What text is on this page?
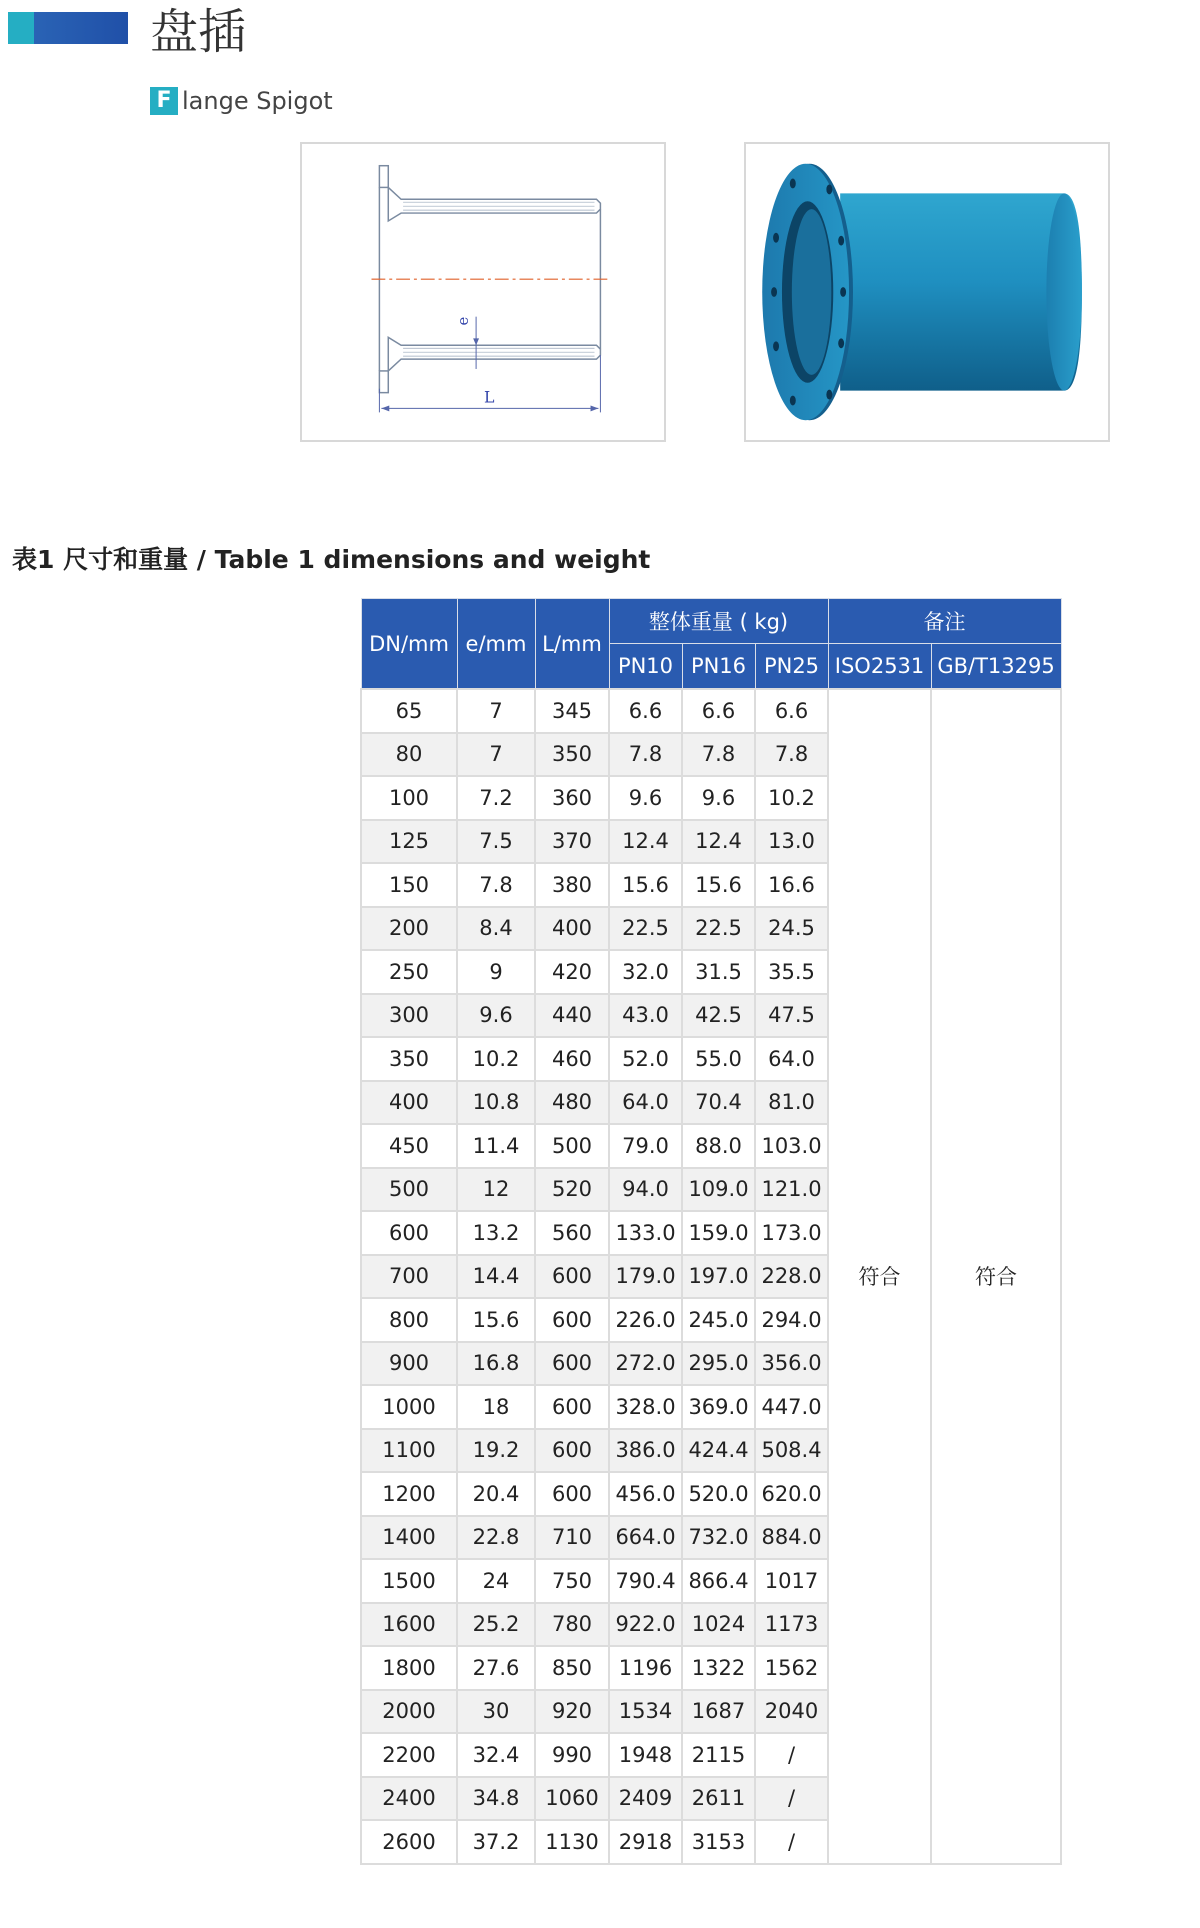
盘插
F lange Spigot
e
L
表1 尺寸和重量 / Table 1 dimensions and weight
DN/mm	e/mm	L/mm	整体重量 ( kg)			备注	
			PN10	PN16	PN25	ISO2531	GB/T13295
65	7	345	6.6	6.6	6.6	符合	符合
80	7	350	7.8	7.8	7.8		
100	7.2	360	9.6	9.6	10.2		
125	7.5	370	12.4	12.4	13.0		
150	7.8	380	15.6	15.6	16.6		
200	8.4	400	22.5	22.5	24.5		
250	9	420	32.0	31.5	35.5		
300	9.6	440	43.0	42.5	47.5		
350	10.2	460	52.0	55.0	64.0		
400	10.8	480	64.0	70.4	81.0		
450	11.4	500	79.0	88.0	103.0		
500	12	520	94.0	109.0	121.0		
600	13.2	560	133.0	159.0	173.0		
700	14.4	600	179.0	197.0	228.0		
800	15.6	600	226.0	245.0	294.0		
900	16.8	600	272.0	295.0	356.0		
1000	18	600	328.0	369.0	447.0		
1100	19.2	600	386.0	424.4	508.4		
1200	20.4	600	456.0	520.0	620.0		
1400	22.8	710	664.0	732.0	884.0		
1500	24	750	790.4	866.4	1017		
1600	25.2	780	922.0	1024	1173		
1800	27.6	850	1196	1322	1562		
2000	30	920	1534	1687	2040		
2200	32.4	990	1948	2115	/		
2400	34.8	1060	2409	2611	/		
2600	37.2	1130	2918	3153	/		
